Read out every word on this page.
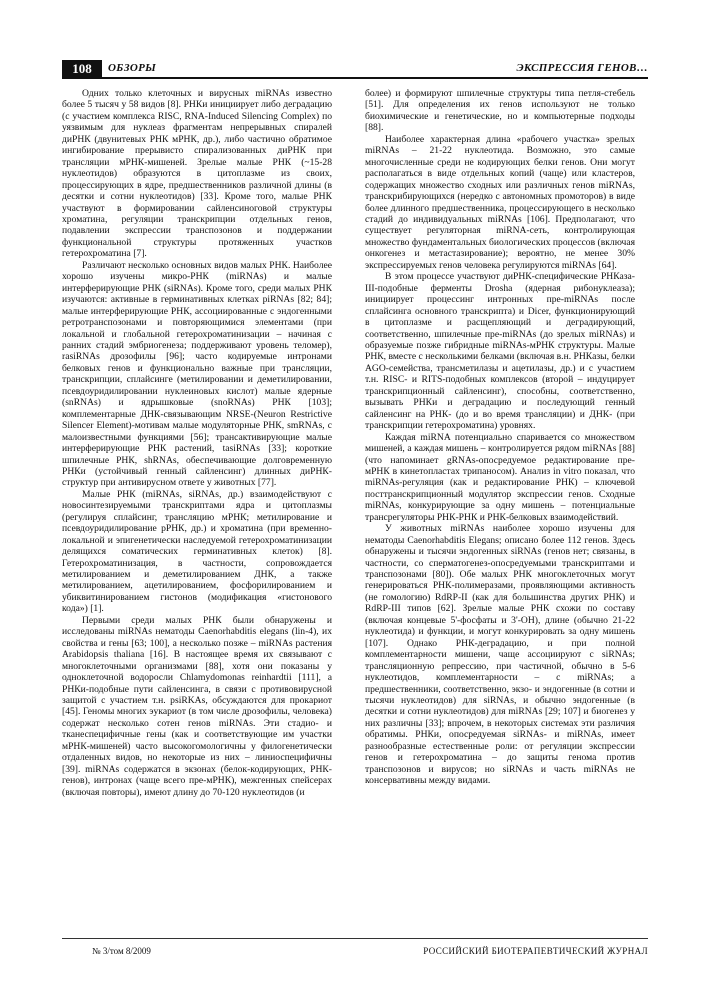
108	ОБЗОРЫ	ЭКСПРЕССИЯ ГЕНОВ…

Одних только клеточных и вирусных miRNAs известно более 5 тысяч у 58 видов [8]. РНКи инициирует либо деградацию (с участием комплекса RISC, RNA-Induced Silencing Complex) по уязвимым для нуклеаз фрагментам непрерывных спиралей диРНК (двунитевых РНК мРНК, др.), либо частично обратимое ингибирование прерывисто спирализованных диРНК при трансляции мРНК-мишеней. Зрелые малые РНК (~15-28 нуклеотидов) образуются в цитоплазме из своих, процессирующих в ядре, предшественников различной длины (в десятки и сотни нуклеотидов) [33]. Кроме того, малые РНК участвуют в формировании сайленсиноговой структуры хроматина, регуляции транскрипции отдельных генов, подавлении экспрессии транспозонов и поддержании функциональной структуры протяженных участков гетерохроматина [7].

Различают несколько основных видов малых РНК. Наиболее хорошо изучены микро-РНК (miRNAs) и малые интерферирующие РНК (siRNAs). Кроме того, среди малых РНК изучаются: активные в герминативных клетках piRNAs [82; 84]; малые интерферирующие РНК, ассоциированные с эндогенными ретротранспозонами и повторяющимися элементами (при локальной и глобальной гетерохроматинизации – начиная с ранних стадий эмбриогенеза; поддерживают уровень теломер), rasiRNAs дрозофилы [96]; часто кодируемые интронами белковых генов и функционально важные при трансляции, транскрипции, сплайсинге (метилировании и деметилировании, псевдоуридилировании нуклеиновых кислот) малые ядерные (snRNAs) и ядрышковые (snoRNAs) РНК [103]; комплементарные ДНК-связывающим NRSE-(Neuron Restrictive Silencer Element)-мотивам малые модуляторные РНК, smRNAs, с малоизвестными функциями [56]; трансактивирующие малые интерферирующие РНК растений, tasiRNAs [33]; короткие шпилечные РНК, shRNAs, обеспечивающие долговременную РНКи (устойчивый генный сайленсинг) длинных диРНК-структур при антивирусном ответе у животных [77].

Малые РНК (miRNAs, siRNAs, др.) взаимодействуют с новосинтезируемыми транскриптами ядра и цитоплазмы (регулируя сплайсинг, трансляцию мРНК; метилирование и псевдоуридилирование рРНК, др.) и хроматина (при временно-локальной и эпигенетически наследуемой гетерохроматинизации делящихся соматических герминативных клеток) [8]. Гетерохроматинизация, в частности, сопровождается метилированием и деметилированием ДНК, а также метилированием, ацетилированием, фосфорилированием и убиквитинированием гистонов (модификация «гистонового кода») [1].

Первыми среди малых РНК были обнаружены и исследованы miRNAs нематоды Caenorhabditis elegans (lin-4), их свойства и гены [63; 100], а несколько позже – miRNAs растения Arabidopsis thaliana [16]. В настоящее время их связывают с многоклеточными организмами [88], хотя они показаны у одноклеточной водоросли Chlamydomonas reinhardtii [111], а РНКи-подобные пути сайленсинга, в связи с противовирусной защитой с участием т.н. psiRKAs, обсуждаются для прокариот [45]. Геномы многих эукариот (в том числе дрозофилы, человека) содержат несколько сотен генов miRNAs. Эти стадио- и тканеспецифичные гены (как и соответствующие им участки мРНК-мишеней) часто высокогомологичны у филогенетически отдаленных видов, но некоторые из них – линиоспецифичны [39]. miRNAs содержатся в экзонах (белок-кодирующих, РНК-генов), интронах (чаще всего пре-мРНК), межгенных спейсерах (включая повторы), имеют длину до 70-120 нуклеотидов (и

более) и формируют шпилечные структуры типа петля-стебель [51]. Для определения их генов используют не только биохимические и генетические, но и компьютерные подходы [88].

Наиболее характерная длина «рабочего участка» зрелых miRNAs – 21-22 нуклеотида. Возможно, это самые многочисленные среди не кодирующих белки генов. Они могут располагаться в виде отдельных копий (чаще) или кластеров, содержащих множество сходных или различных генов miRNAs, транскрибирующихся (нередко с автономных промоторов) в виде более длинного предшественника, процессирующего в несколько стадий до индивидуальных miRNAs [106]. Предполагают, что существует регуляторная miRNA-сеть, контролирующая множество фундаментальных биологических процессов (включая онкогенез и метастазирование); вероятно, не менее 30% экспрессируемых генов человека регулируются miRNAs [64].

В этом процессе участвуют диРНК-специфические РНКаза-III-подобные ферменты Drosha (ядерная рибонуклеаза); инициирует процессинг интронных пре-miRNAs после сплайсинга основного транскрипта) и Dicer, функционирующий в цитоплазме и расщепляющий и деградирующий, соответственно, шпилечные пре-miRNAs (до зрелых miRNAs) и образуемые позже гибридные miRNAs-мРНК структуры. Малые РНК, вместе с несколькими белками (включая в.н. РНКазы, белки AGO-семейства, трансметилазы и ацетилазы, др.) и с участием т.н. RISC- и RITS-подобных комплексов (второй – индуцирует транскрипционный сайленсинг), способны, соответственно, вызывать РНКи и деградацию и последующий генный сайленсинг на РНК- (до и во время трансляции) и ДНК- (при транскрипции гетерохроматина) уровнях.

Каждая miRNA потенциально спаривается со множеством мишеней, а каждая мишень – контролируется рядом miRNAs [88] (что напоминает gRNAs-опосредуемое редактирование пре-мРНК в кинетопластах трипаносом). Анализ in vitro показал, что miRNAs-регуляция (как и редактирование РНК) – ключевой посттранскрипционный модулятор экспрессии генов. Сходные miRNAs, конкурирующие за одну мишень – потенциальные трансрегуляторы РНК-РНК и РНК-белковых взаимодействий.

У животных miRNAs наиболее хорошо изучены для нематоды Caenorhabditis Elegans; описано более 112 генов. Здесь обнаружены и тысячи эндогенных siRNAs (генов нет; связаны, в частности, со сперматогенез-опосредуемыми транскриптами и транспозонами [80]). Обе малых РНК многоклеточных могут генерироваться РНК-полимеразами, проявляющими активность (не гомологию) RdRP-II (как для большинства других РНК) и RdRP-III типов [62]. Зрелые малые РНК схожи по составу (включая концевые 5'-фосфаты и 3'-ОН), длине (обычно 21-22 нуклеотида) и функции, и могут конкурировать за одну мишень [107]. Однако РНК-деградацию, и при полной комплементарности мишени, чаще ассоциируют с siRNAs; трансляционную репрессию, при частичной, обычно в 5-6 нуклеотидов, комплементарности – с miRNAs; а предшественники, соответственно, экзо- и эндогенные (в сотни и тысячи нуклеотидов) для siRNAs, и обычно эндогенные (в десятки и сотни нуклеотидов) для miRNAs [29; 107] и биогенез у них различны [33]; впрочем, в некоторых системах эти различия обратимы. РНКи, опосредуемая siRNAs- и miRNAs, имеет разнообразные естественные роли: от регуляции экспрессии генов и гетерохроматина – до защиты генома против транспозонов и вирусов; но siRNAs и часть miRNAs не консервативны между видами.

№ 3/том 8/2009	РОССИЙСКИЙ БИОТЕРАПЕВТИЧЕСКИЙ ЖУРНАЛ
